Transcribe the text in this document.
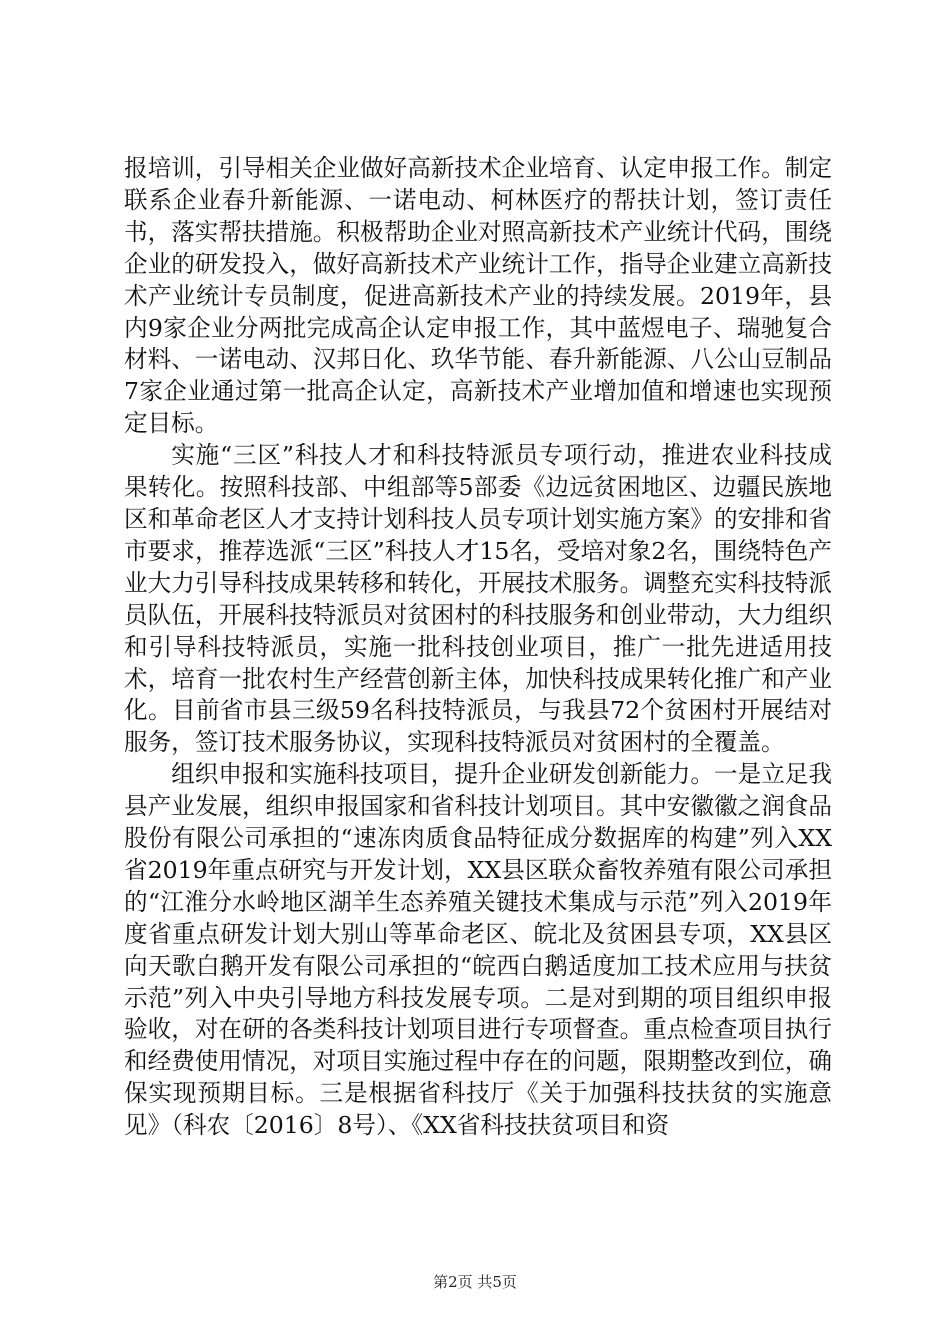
报培训，引导相关企业做好高新技术企业培育、认定申报工作。制定联系企业春升新能源、一诺电动、柯林医疗的帮扶计划，签订责任书，落实帮扶措施。积极帮助企业对照高新技术产业统计代码，围绕企业的研发投入，做好高新技术产业统计工作，指导企业建立高新技术产业统计专员制度，促进高新技术产业的持续发展。2019年，县内9家企业分两批完成高企认定申报工作，其中蓝煜电子、瑞驰复合材料、一诺电动、汉邦日化、玖华节能、春升新能源、八公山豆制品7家企业通过第一批高企认定，高新技术产业增加值和增速也实现预定目标。

实施“三区”科技人才和科技特派员专项行动，推进农业科技成果转化。按照科技部、中组部等5部委《边远贫困地区、边疆民族地区和革命老区人才支持计划科技人员专项计划实施方案》的安排和省市要求，推荐选派“三区”科技人才15名，受培对象2名，围绕特色产业大力引导科技成果转移和转化，开展技术服务。调整充实科技特派员队伍，开展科技特派员对贫困村的科技服务和创业带动，大力组织和引导科技特派员，实施一批科技创业项目，推广一批先进适用技术，培育一批农村生产经营创新主体，加快科技成果转化推广和产业化。目前省市县三级59名科技特派员，与我县72个贫困村开展结对服务，签订技术服务协议，实现科技特派员对贫困村的全覆盖。

组织申报和实施科技项目，提升企业研发创新能力。一是立足我县产业发展，组织申报国家和省科技计划项目。其中安徽徽之润食品股份有限公司承担的“速冻肉质食品特征成分数据库的构建”列入XX省2019年重点研究与开发计划，XX县区联众畜牧养殖有限公司承担的“江淮分水岭地区湖羊生态养殖关键技术集成与示范”列入2019年度省重点研发计划大别山等革命老区、皖北及贫困县专项，XX县区向天歌白鹅开发有限公司承担的“皖西白鹅适度加工技术应用与扶贫示范”列入中央引导地方科技发展专项。二是对到期的项目组织申报验收，对在研的各类科技计划项目进行专项督查。重点检查项目执行和经费使用情况，对项目实施过程中存在的问题，限期整改到位，确保实现预期目标。三是根据省科技厅《关于加强科技扶贫的实施意见》（科农〔2016〕8号）、《XX省科技扶贫项目和资

第2页 共5页
